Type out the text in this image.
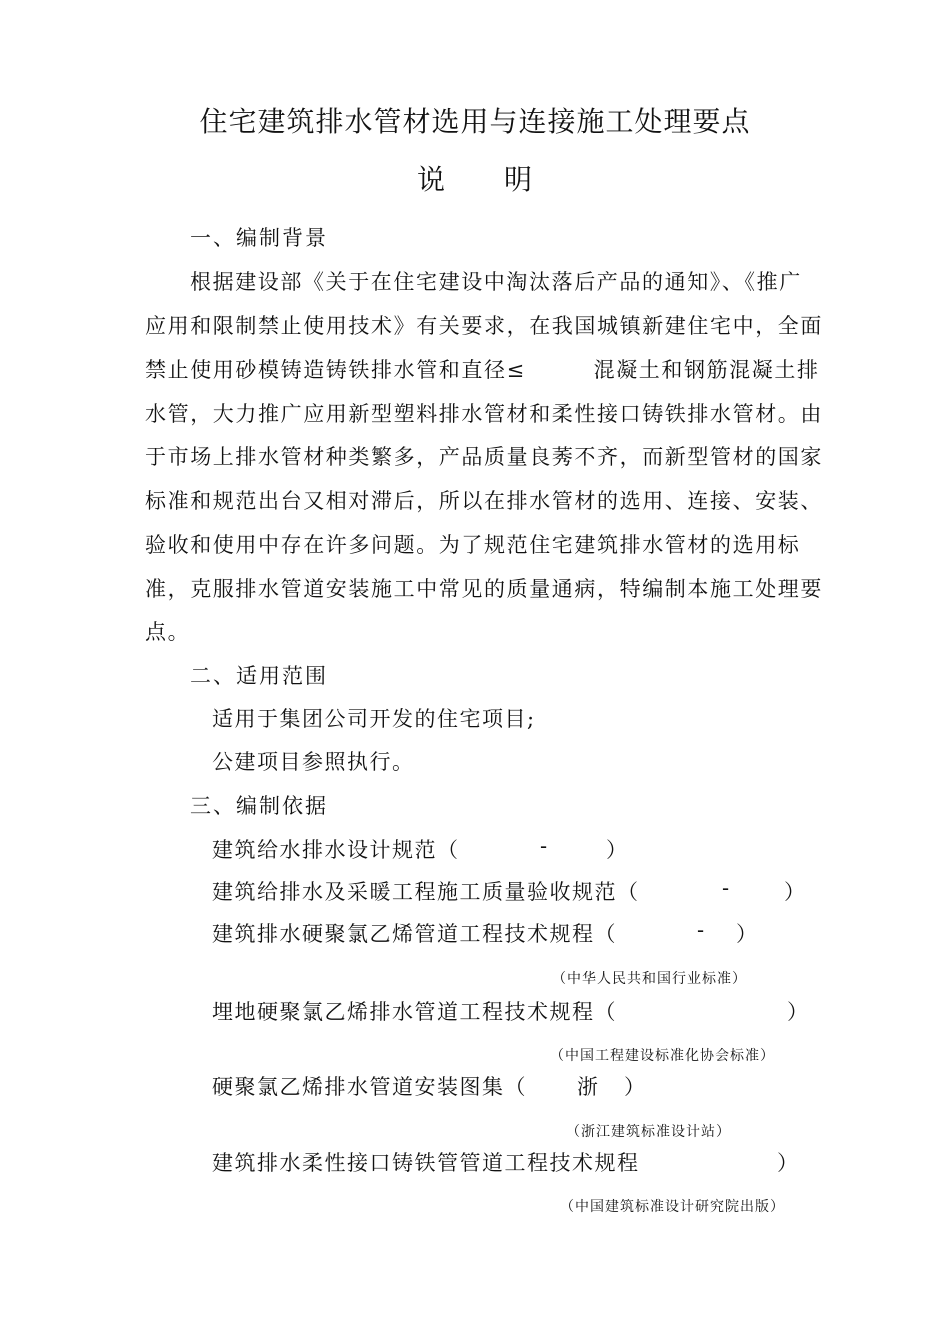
住宅建筑排水管材选用与连接施工处理要点
说　　明
一、编制背景
根据建设部《关于在住宅建设中淘汰落后产品的通知》、《推广
应用和限制禁止使用技术》有关要求，在我国城镇新建住宅中，全面
禁止使用砂模铸造铸铁排水管和直径≤　　　混凝土和钢筋混凝土排
水管，大力推广应用新型塑料排水管材和柔性接口铸铁排水管材。由
于市场上排水管材种类繁多，产品质量良莠不齐，而新型管材的国家
标准和规范出台又相对滞后，所以在排水管材的选用、连接、安装、
验收和使用中存在许多问题。为了规范住宅建筑排水管材的选用标
准，克服排水管道安装施工中常见的质量通病，特编制本施工处理要
点。
二、适用范围
适用于集团公司开发的住宅项目;
公建项目参照执行。
三、编制依据
建筑给水排水设计规范（	-	）
建筑给排水及采暖工程施工质量验收规范（	-	）
建筑排水硬聚氯乙烯管道工程技术规程（	- ）
（中华人民共和国行业标准）
埋地硬聚氯乙烯排水管道工程技术规程（	）
（中国工程建设标准化协会标准）
硬聚氯乙烯排水管道安装图集（ 浙 ）
（浙江建筑标准设计站）
建筑排水柔性接口铸铁管管道工程技术规程	）
（中国建筑标准设计研究院出版）
